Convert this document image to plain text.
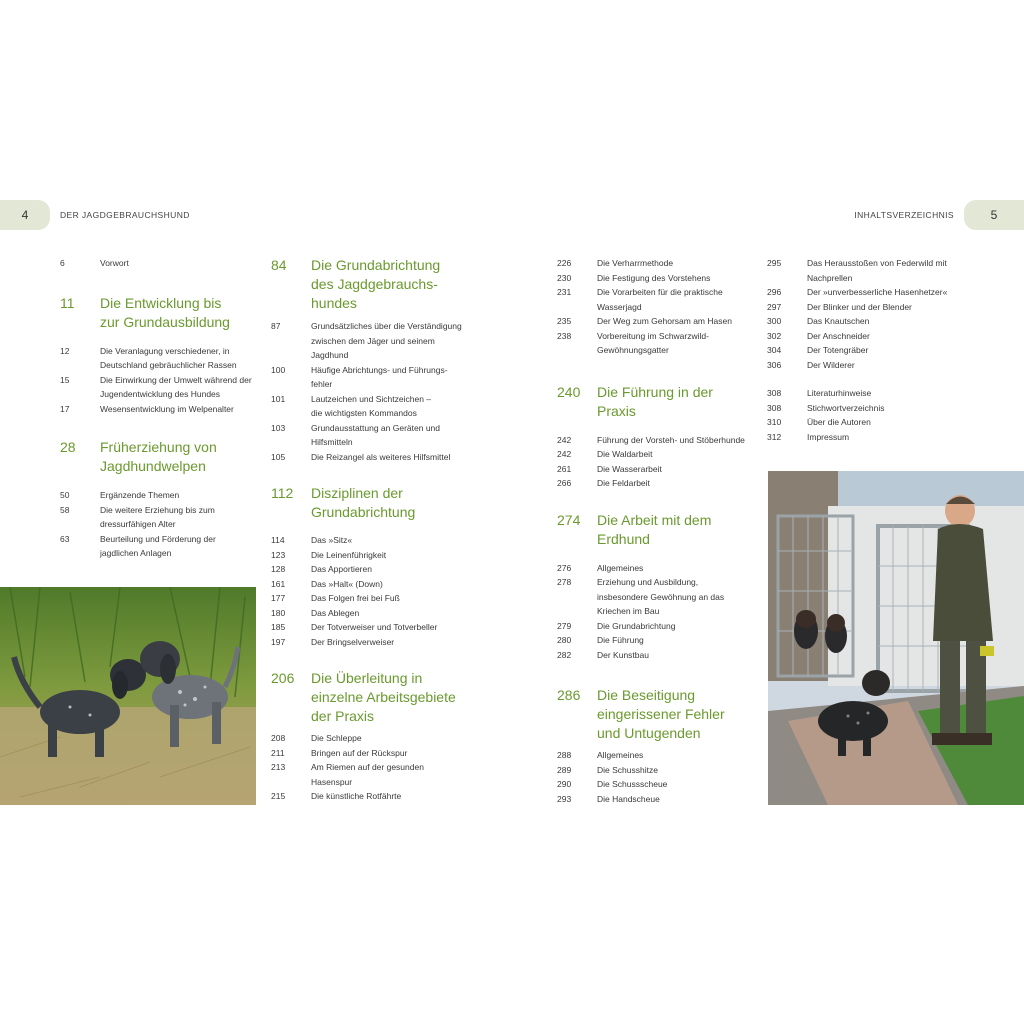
4	DER JAGDGEBRAUCHSHUND	INHALTSVERZEICHNIS	5
6	Vorwort
11	Die Entwicklung bis zur Grundausbildung
12	Die Veranlagung verschiedener, in Deutschland gebräuchlicher Rassen
15	Die Einwirkung der Umwelt während der Jugendentwicklung des Hundes
17	Wesensentwicklung im Welpenalter
28	Früherziehung von Jagdhundwelpen
50	Ergänzende Themen
58	Die weitere Erziehung bis zum dressurfähigen Alter
63	Beurteilung und Förderung der jagdlichen Anlagen
84	Die Grundabrichtung des Jagdgebrauchs-hundes
87	Grundsätzliches über die Verständigung zwischen dem Jäger und seinem Jagdhund
100	Häufige Abrichtungs- und Führungs-fehler
101	Lautzeichen und Sichtzeichen – die wichtigsten Kommandos
103	Grundausstattung an Geräten und Hilfsmitteln
105	Die Reizangel als weiteres Hilfsmittel
112	Disziplinen der Grundabrichtung
114	Das »Sitz«
123	Die Leinenführigkeit
128	Das Apportieren
161	Das »Halt« (Down)
177	Das Folgen frei bei Fuß
180	Das Ablegen
185	Der Totverweiser und Totverbeller
197	Der Bringselverweiser
206	Die Überleitung in einzelne Arbeitsgebiete der Praxis
208	Die Schleppe
211	Bringen auf der Rückspur
213	Am Riemen auf der gesunden Hasenspur
215	Die künstliche Rotfährte
226	Die Verharrmethode
230	Die Festigung des Vorstehens
231	Die Vorarbeiten für die praktische Wasserjagd
235	Der Weg zum Gehorsam am Hasen
238	Vorbereitung im Schwarzwild-Gewöhnungsgatter
240	Die Führung in der Praxis
242	Führung der Vorsteh- und Stöberhunde
242	Die Waldarbeit
261	Die Wasserarbeit
266	Die Feldarbeit
274	Die Arbeit mit dem Erdhund
276	Allgemeines
278	Erziehung und Ausbildung, insbesondere Gewöhnung an das Kriechen im Bau
279	Die Grundabrichtung
280	Die Führung
282	Der Kunstbau
286	Die Beseitigung eingerissener Fehler und Untugenden
288	Allgemeines
289	Die Schusshitze
290	Die Schussscheue
293	Die Handscheue
295	Das Herausstoßen von Federwild mit Nachprellen
296	Der »unverbesserliche Hasenhetzer«
297	Der Blinker und der Blender
300	Das Knautschen
302	Der Anschneider
304	Der Totengräber
306	Der Wilderer
308	Literaturhinweise
308	Stichwortverzeichnis
310	Über die Autoren
312	Impressum
